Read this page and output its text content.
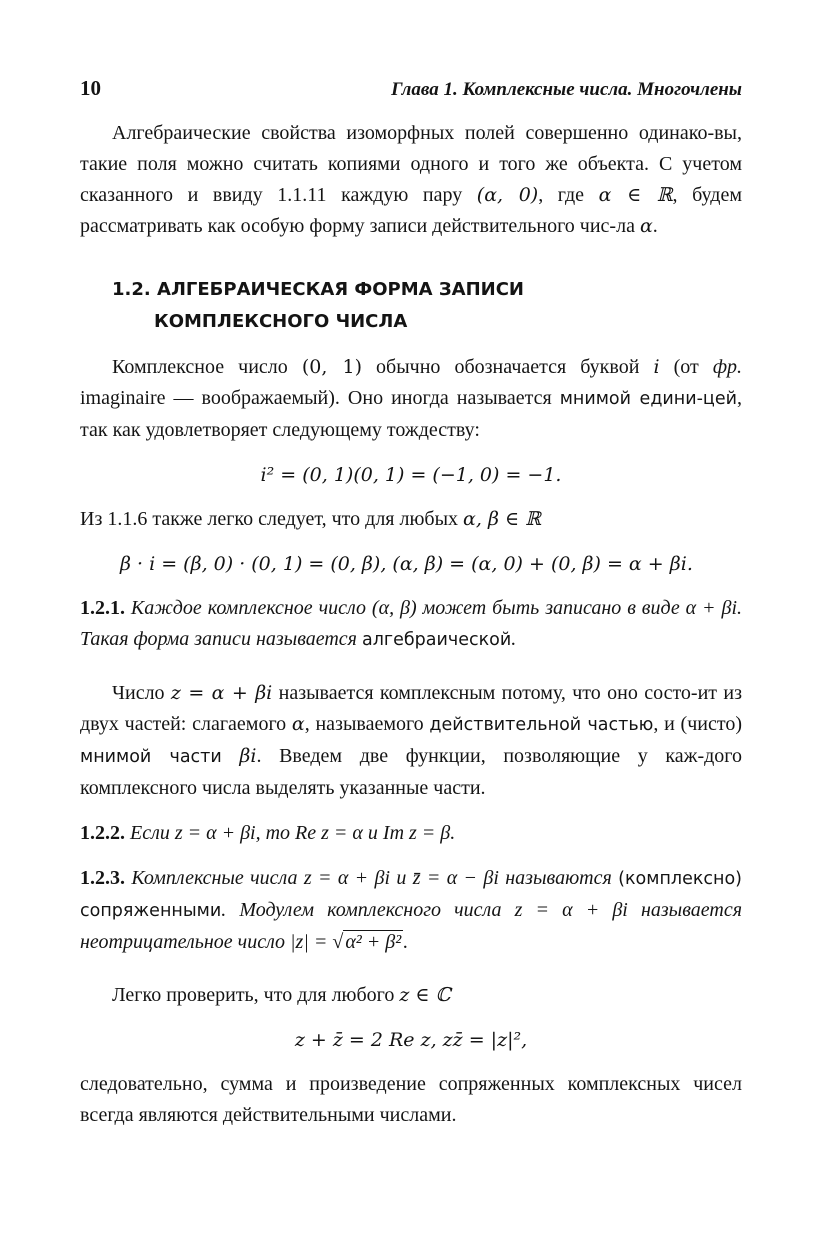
10	Глава 1. Комплексные числа. Многочлены

Алгебраические свойства изоморфных полей совершенно одинако-вы, такие поля можно считать копиями одного и того же объекта. С учетом сказанного и ввиду 1.1.11 каждую пару (α, 0), где α ∈ ℝ, будем рассматривать как особую форму записи действительного чис-ла α.

1.2. АЛГЕБРАИЧЕСКАЯ ФОРМА ЗАПИСИ
КОМПЛЕКСНОГО ЧИСЛА

Комплексное число (0, 1) обычно обозначается буквой i (от фр. imaginaire — воображаемый). Оно иногда называется мнимой едини-цей, так как удовлетворяет следующему тождеству:

i² = (0, 1)(0, 1) = (−1, 0) = −1.

Из 1.1.6 также легко следует, что для любых α, β ∈ ℝ

β · i = (β, 0) · (0, 1) = (0, β), (α, β) = (α, 0) + (0, β) = α + βi.

1.2.1. Каждое комплексное число (α, β) может быть записано в виде α + βi. Такая форма записи называется алгебраической.

Число z = α + βi называется комплексным потому, что оно состо-ит из двух частей: слагаемого α, называемого действительной частью, и (чисто) мнимой части βi. Введем две функции, позволяющие у каж-дого комплексного числа выделять указанные части.

1.2.2. Если z = α + βi, то Re z = α и Im z = β.

1.2.3. Комплексные числа z = α + βi и z̄ = α − βi называются (комплексно) сопряженными. Модулем комплексного числа z = α + βi называется неотрицательное число |z| = √ α² + β² .

Легко проверить, что для любого z ∈ ℂ

z + z̄ = 2 Re z, zz̄ = |z|²,

следовательно, сумма и произведение сопряженных комплексных чисел всегда являются действительными числами.
